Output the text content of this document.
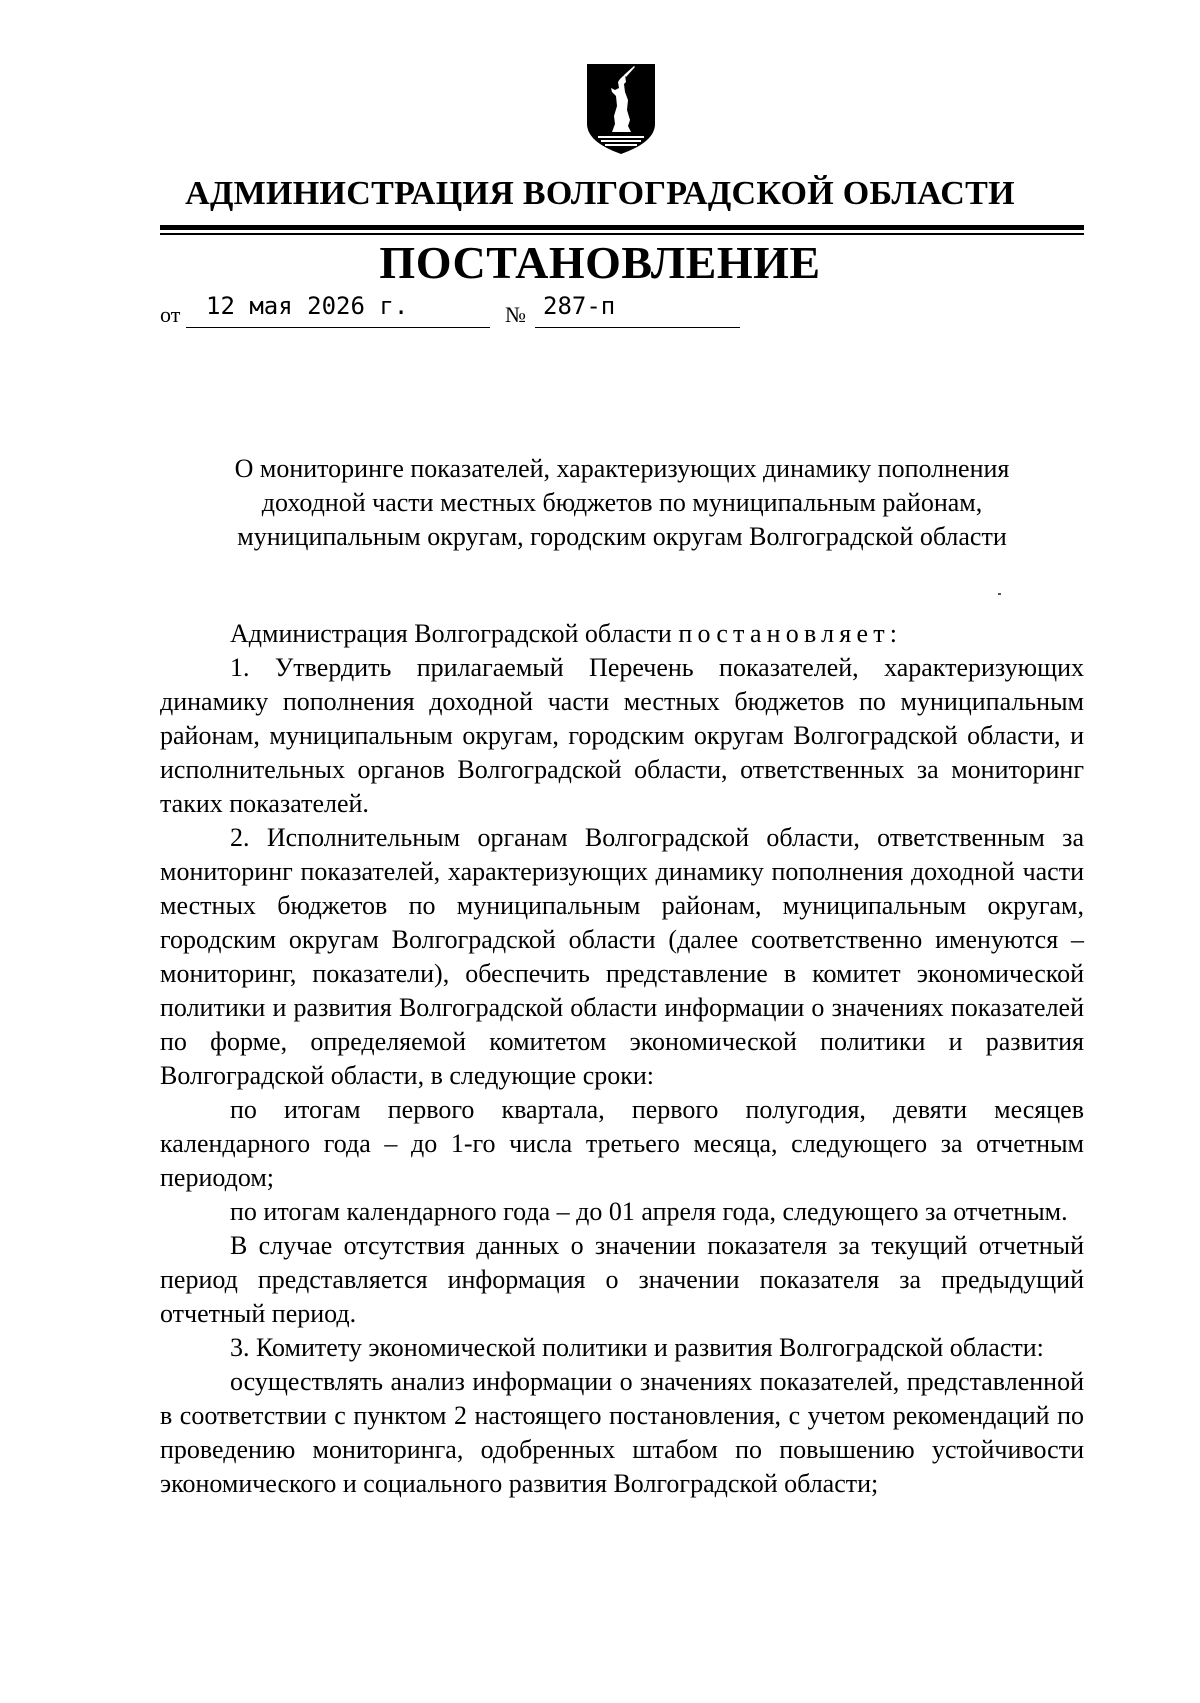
АДМИНИСТРАЦИЯ ВОЛГОГРАДСКОЙ ОБЛАСТИ
ПОСТАНОВЛЕНИЕ
от 12 мая 2026 г.	№ 287-п
О мониторинге показателей, характеризующих динамику пополнения
доходной части местных бюджетов по муниципальным районам,
муниципальным округам, городским округам Волгоградской области

Администрация Волгоградской области постановляет:

1. Утвердить прилагаемый Перечень показателей, характеризующих динамику пополнения доходной части местных бюджетов по муниципальным районам, муниципальным округам, городским округам Волгоградской области, и исполнительных органов Волгоградской области, ответственных за мониторинг таких показателей.

2. Исполнительным органам Волгоградской области, ответственным за мониторинг показателей, характеризующих динамику пополнения доходной части местных бюджетов по муниципальным районам, муниципальным округам, городским округам Волгоградской области (далее соответственно именуются – мониторинг, показатели), обеспечить представление в комитет экономической политики и развития Волгоградской области информации о значениях показателей по форме, определяемой комитетом экономической политики и развития Волгоградской области, в следующие сроки:

по итогам первого квартала, первого полугодия, девяти месяцев календарного года – до 1-го числа третьего месяца, следующего за отчетным периодом;

по итогам календарного года – до 01 апреля года, следующего за отчетным.

В случае отсутствия данных о значении показателя за текущий отчетный период представляется информация о значении показателя за предыдущий отчетный период.

3. Комитету экономической политики и развития Волгоградской области:

осуществлять анализ информации о значениях показателей, представленной в соответствии с пунктом 2 настоящего постановления, с учетом рекомендаций по проведению мониторинга, одобренных штабом по повышению устойчивости экономического и социального развития Волгоградской области;
